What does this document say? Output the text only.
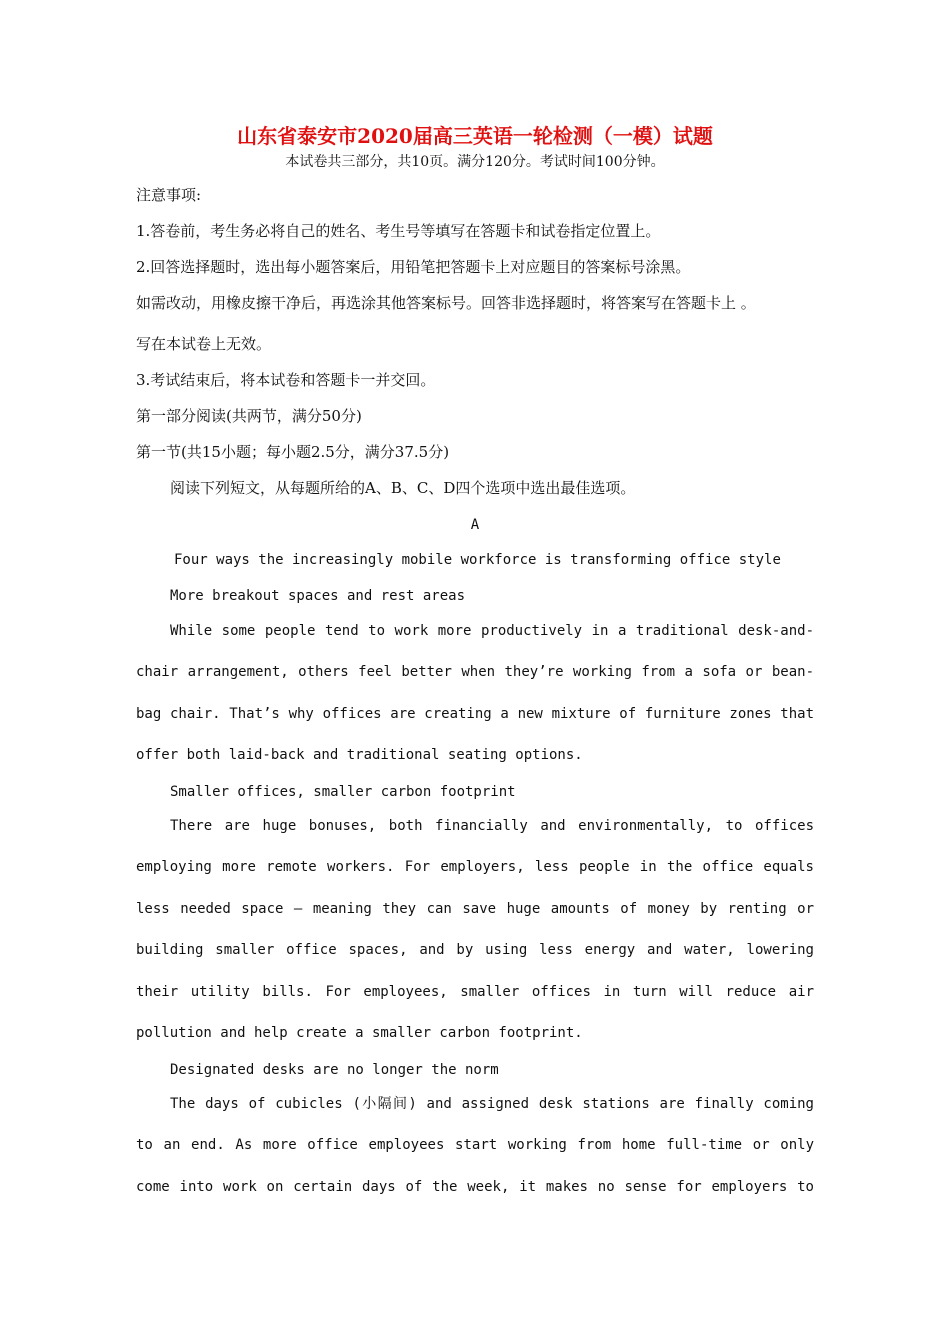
山东省泰安市2020届高三英语一轮检测（一模）试题
本试卷共三部分，共10页。满分120分。考试时间100分钟。
注意事项:
1.答卷前，考生务必将自己的姓名、考生号等填写在答题卡和试卷指定位置上。
2.回答选择题时，选出每小题答案后，用铅笔把答题卡上对应题目的答案标号涂黑。
如需改动，用橡皮擦干净后，再选涂其他答案标号。回答非选择题时，将答案写在答题卡上 。
写在本试卷上无效。
3.考试结束后，将本试卷和答题卡一并交回。
第一部分阅读(共两节，满分50分)
第一节(共15小题；每小题2.5分，满分37.5分)
阅读下列短文，从每题所给的A、B、C、D四个选项中选出最佳选项。
A
Four ways the increasingly mobile workforce is transforming office style
More breakout spaces and rest areas
While some people tend to work more productively in a traditional desk-and-chair arrangement, others feel better when they’re working from a sofa or bean-bag chair. That’s why offices are creating a new mixture of furniture zones that offer both laid-back and traditional seating options.
Smaller offices, smaller carbon footprint
There are huge bonuses, both financially and environmentally, to offices employing more remote workers. For employers, less people in the office equals less needed space – meaning they can save huge amounts of money by renting or building smaller office spaces, and by using less energy and water, lowering their utility bills. For employees, smaller offices in turn will reduce air pollution and help create a smaller carbon footprint.
Designated desks are no longer the norm
The days of cubicles (小隔间) and assigned desk stations are finally coming to an end. As more office employees start working from home full-time or only come into work on certain days of the week, it makes no sense for employers to
